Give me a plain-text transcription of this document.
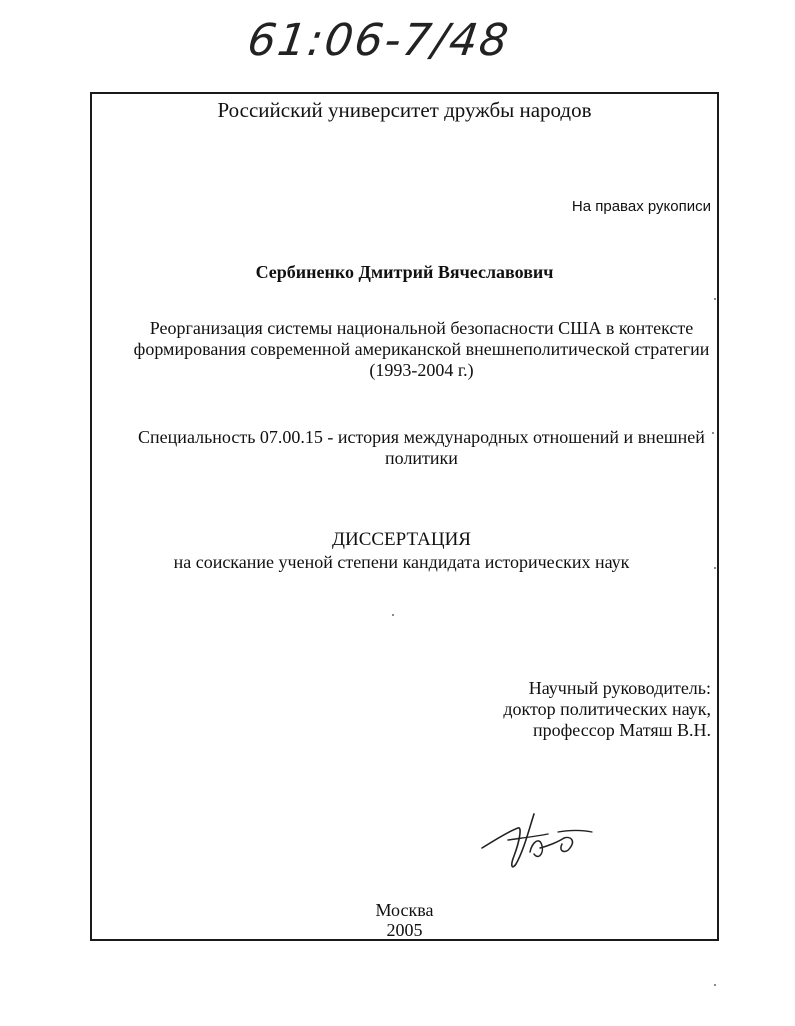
61:06-7/48
Российский университет дружбы народов
На правах рукописи
Сербиненко Дмитрий Вячеславович
Реорганизация системы национальной безопасности США в контексте
формирования современной американской внешнеполитической стратегии
(1993-2004 г.)
Специальность 07.00.15 - история международных отношений и внешней
политики
ДИССЕРТАЦИЯ
на соискание ученой степени кандидата исторических наук
Научный руководитель:
доктор политических наук,
профессор Матяш В.Н.
Москва
2005
